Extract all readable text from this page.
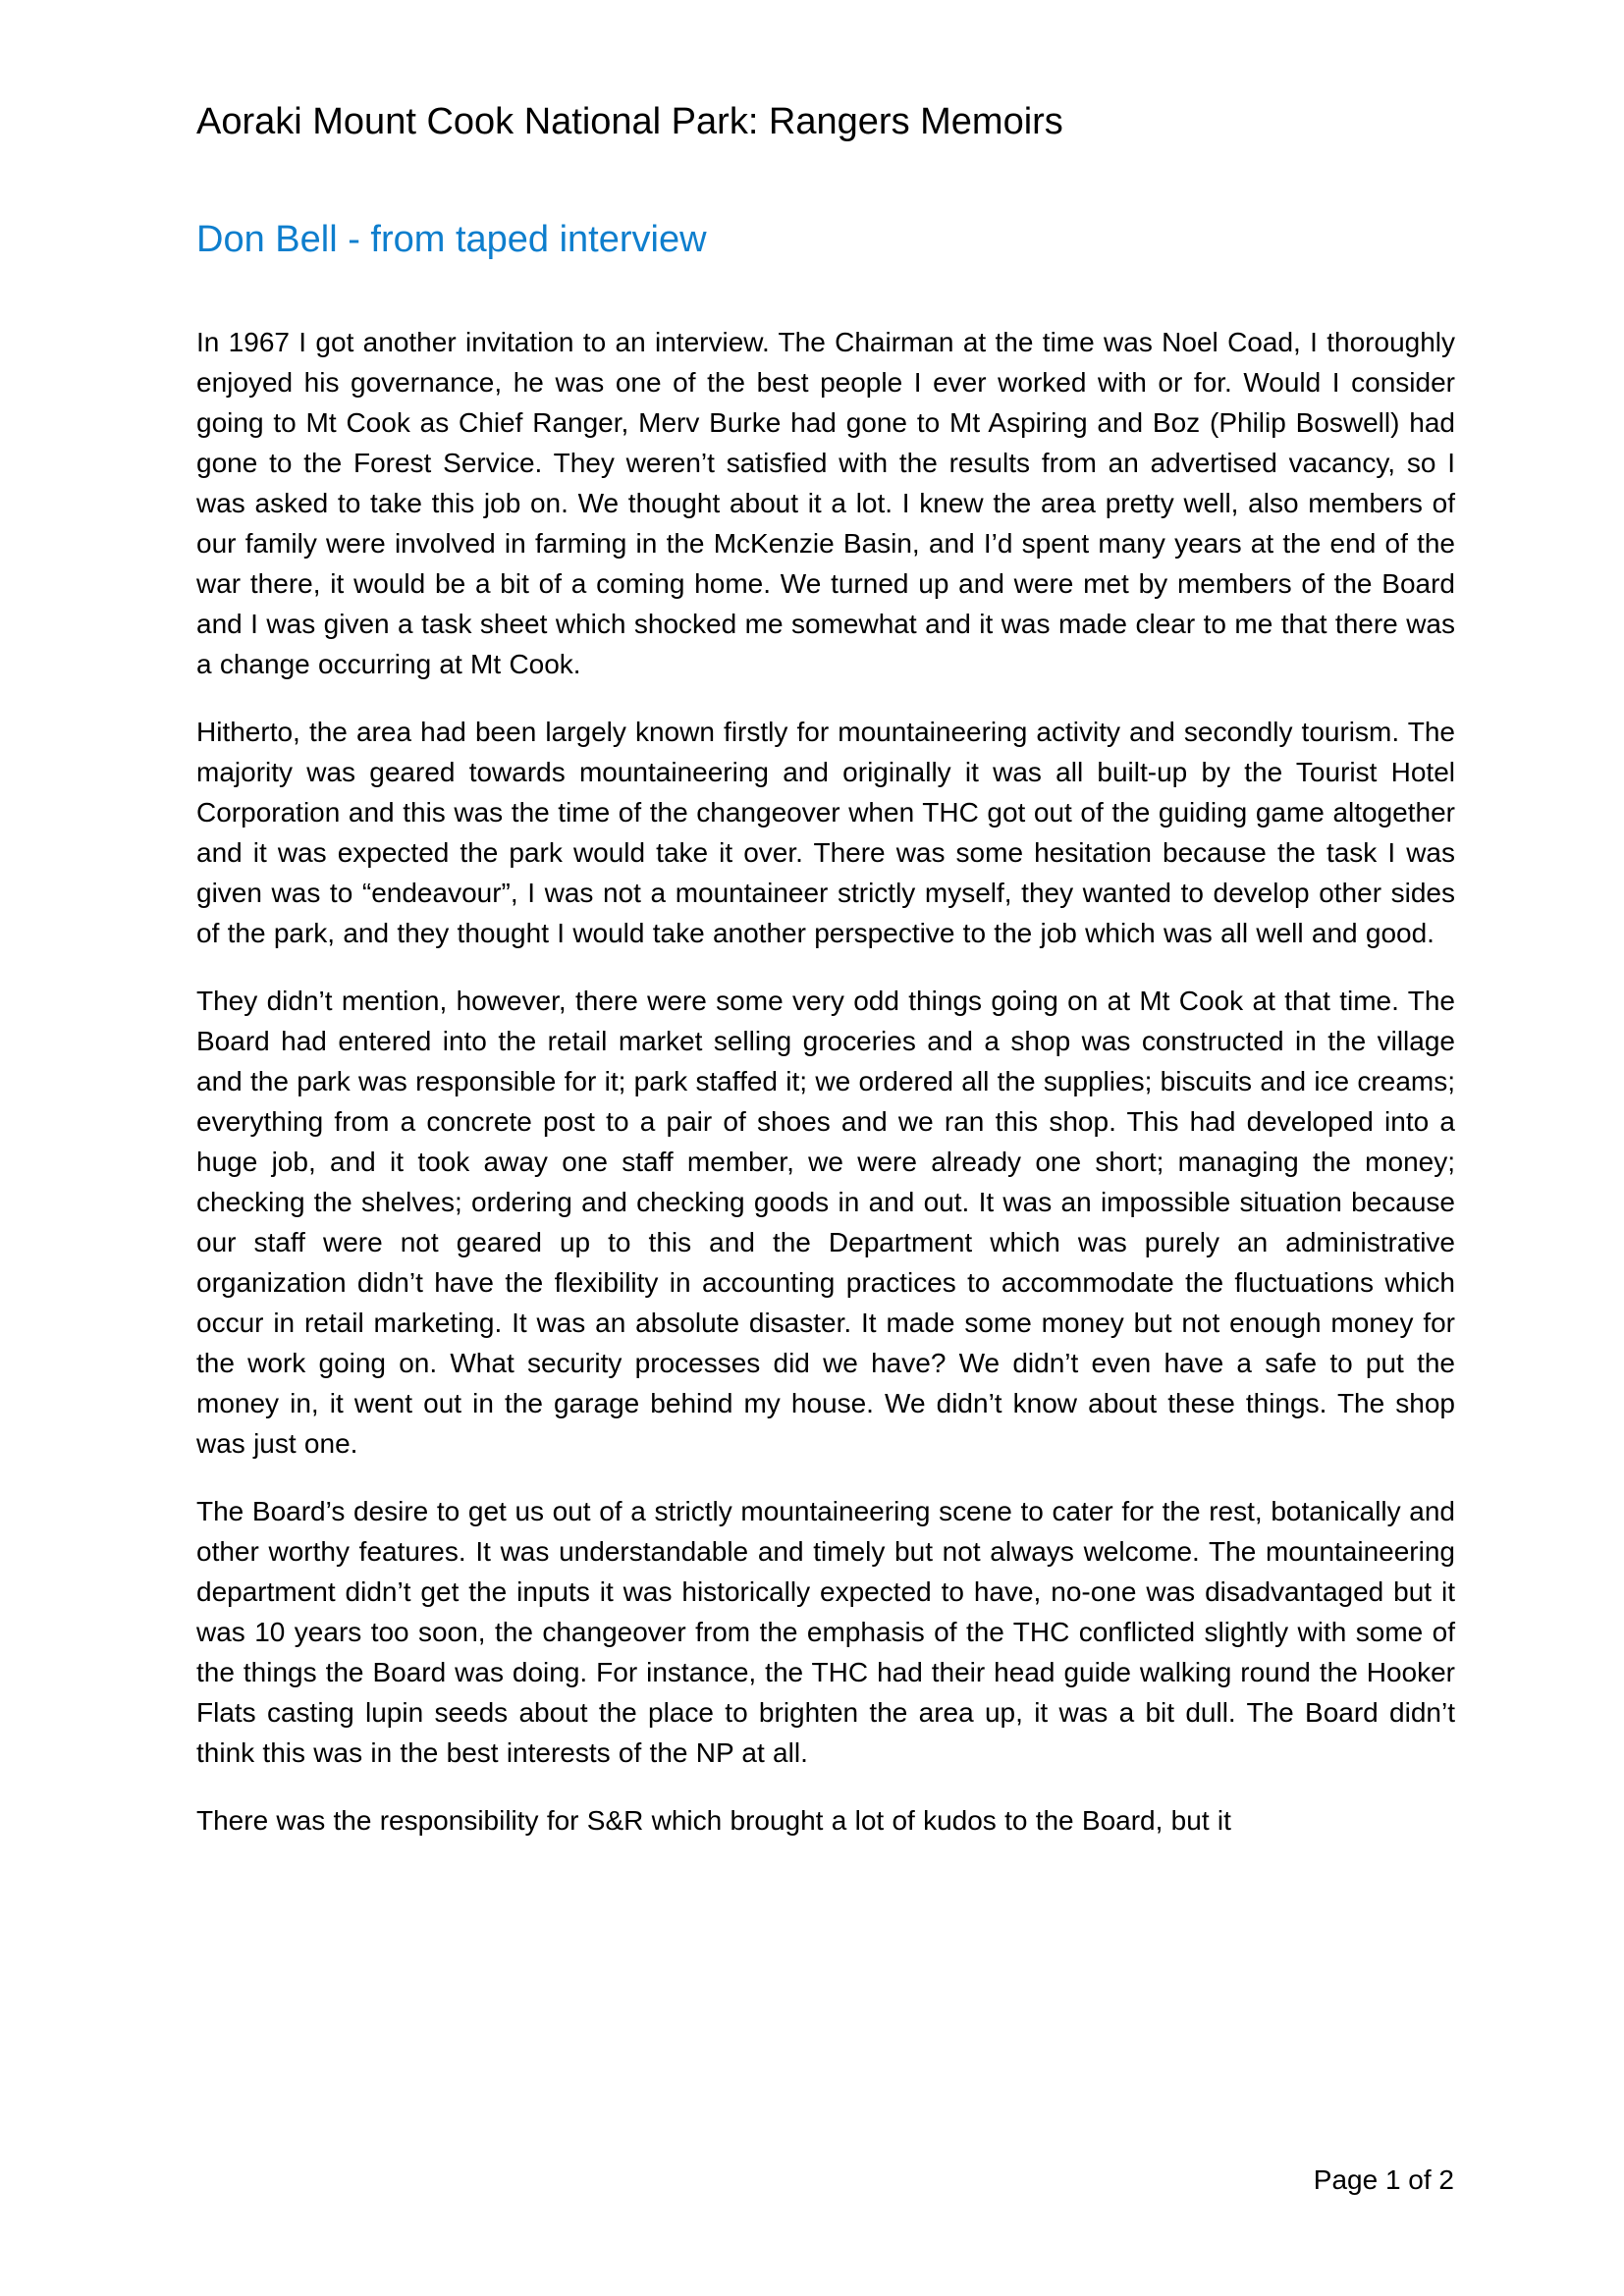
Aoraki Mount Cook National Park: Rangers Memoirs
Don Bell - from taped interview

In 1967 I got another invitation to an interview. The Chairman at the time was Noel Coad, I thoroughly enjoyed his governance, he was one of the best people I ever worked with or for. Would I consider going to Mt Cook as Chief Ranger, Merv Burke had gone to Mt Aspiring and Boz (Philip Boswell) had gone to the Forest Service. They weren’t satisfied with the results from an advertised vacancy, so I was asked to take this job on. We thought about it a lot. I knew the area pretty well, also members of our family were involved in farming in the McKenzie Basin, and I’d spent many years at the end of the war there, it would be a bit of a coming home. We turned up and were met by members of the Board and I was given a task sheet which shocked me somewhat and it was made clear to me that there was a change occurring at Mt Cook.

Hitherto, the area had been largely known firstly for mountaineering activity and secondly tourism. The majority was geared towards mountaineering and originally it was all built-up by the Tourist Hotel Corporation and this was the time of the changeover when THC got out of the guiding game altogether and it was expected the park would take it over. There was some hesitation because the task I was given was to “endeavour”, I was not a mountaineer strictly myself, they wanted to develop other sides of the park, and they thought I would take another perspective to the job which was all well and good.

They didn’t mention, however, there were some very odd things going on at Mt Cook at that time. The Board had entered into the retail market selling groceries and a shop was constructed in the village and the park was responsible for it; park staffed it; we ordered all the supplies; biscuits and ice creams; everything from a concrete post to a pair of shoes and we ran this shop. This had developed into a huge job, and it took away one staff member, we were already one short; managing the money; checking the shelves; ordering and checking goods in and out. It was an impossible situation because our staff were not geared up to this and the Department which was purely an administrative organization didn’t have the flexibility in accounting practices to accommodate the fluctuations which occur in retail marketing. It was an absolute disaster. It made some money but not enough money for the work going on. What security processes did we have? We didn’t even have a safe to put the money in, it went out in the garage behind my house. We didn’t know about these things. The shop was just one.

The Board’s desire to get us out of a strictly mountaineering scene to cater for the rest, botanically and other worthy features. It was understandable and timely but not always welcome. The mountaineering department didn’t get the inputs it was historically expected to have, no-one was disadvantaged but it was 10 years too soon, the changeover from the emphasis of the THC conflicted slightly with some of the things the Board was doing. For instance, the THC had their head guide walking round the Hooker Flats casting lupin seeds about the place to brighten the area up, it was a bit dull. The Board didn’t think this was in the best interests of the NP at all.

There was the responsibility for S&R which brought a lot of kudos to the Board, but it

Page 1 of 2
